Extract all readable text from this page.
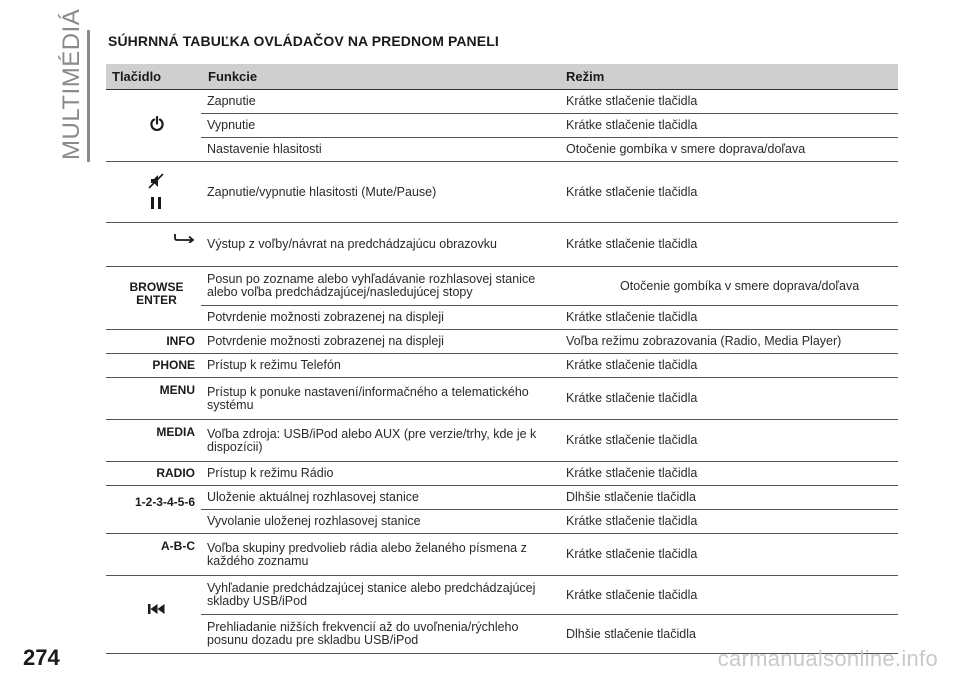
MULTIMÉDIÁ SÚHRNNÁ TABUĽKA OVLÁDAČOV NA PREDNOM PANELI
Tlačidlo	Funkcie	Režim
	Zapnutie	Krátke stlačenie tlačidla
	Vypnutie	Krátke stlačenie tlačidla
	Nastavenie hlasitosti	Otočenie gombíka v smere doprava/doľava
	Zapnutie/vypnutie hlasitosti (Mute/Pause)	Krátke stlačenie tlačidla
	Výstup z voľby/návrat na predchádzajúcu obrazovku	Krátke stlačenie tlačidla
BROWSE ENTER	Posun po zozname alebo vyhľadávanie rozhlasovej stanice alebo voľba predchádzajúcej/nasledujúcej stopy	Otočenie gombíka v smere doprava/doľava
	Potvrdenie možnosti zobrazenej na displeji	Krátke stlačenie tlačidla
INFO	Potvrdenie možnosti zobrazenej na displeji	Voľba režimu zobrazovania (Radio, Media Player)
PHONE	Prístup k režimu Telefón	Krátke stlačenie tlačidla
MENU	Prístup k ponuke nastavení/informačného a telematického systému	Krátke stlačenie tlačidla
MEDIA	Voľba zdroja: USB/iPod alebo AUX (pre verzie/trhy, kde je k dispozícii)	Krátke stlačenie tlačidla
RADIO	Prístup k režimu Rádio	Krátke stlačenie tlačidla
1-2-3-4-5-6	Uloženie aktuálnej rozhlasovej stanice	Dlhšie stlačenie tlačidla
	Vyvolanie uloženej rozhlasovej stanice	Krátke stlačenie tlačidla
A-B-C	Voľba skupiny predvolieb rádia alebo želaného písmena z každého zoznamu	Krátke stlačenie tlačidla
	Vyhľadanie predchádzajúcej stanice alebo predchádzajúcej skladby USB/iPod	Krátke stlačenie tlačidla
	Prehliadanie nižších frekvencií až do uvoľnenia/rýchleho posunu dozadu pre skladbu USB/iPod	Dlhšie stlačenie tlačidla
274	carmanualsonline.info
